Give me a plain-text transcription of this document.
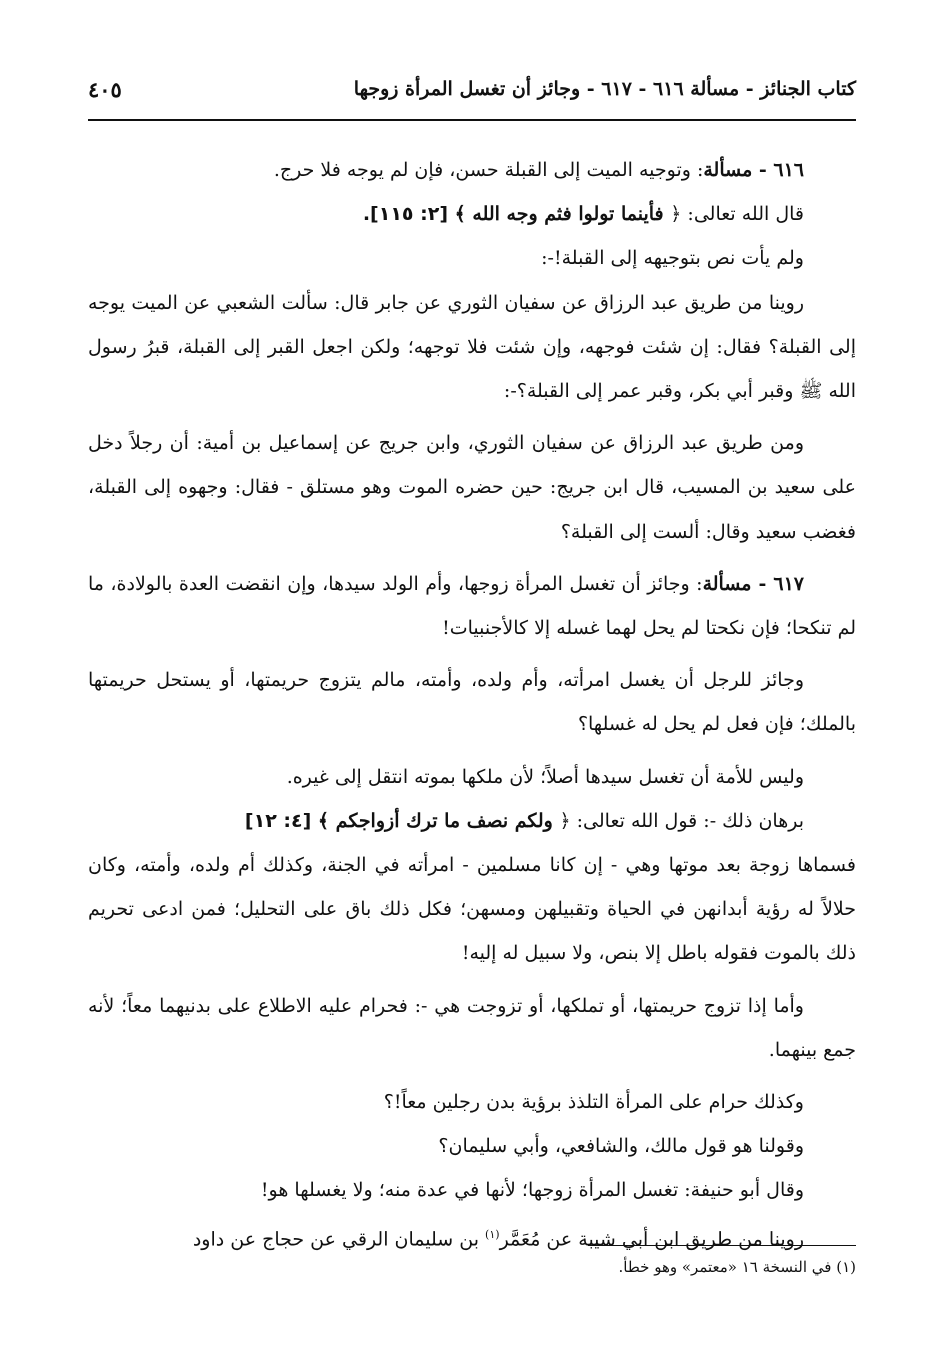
كتاب الجنائز - مسألة ٦١٦ - ٦١٧ - وجائز أن تغسل المرأة زوجها
٤٠٥

٦١٦ - مسألة: وتوجيه الميت إلى القبلة حسن، فإن لم يوجه فلا حرج.

قال الله تعالى: ﴿ فأينما تولوا فثم وجه الله ﴾ [٢: ١١٥].

ولم يأت نص بتوجيهه إلى القبلة!-:

روينا من طريق عبد الرزاق عن سفيان الثوري عن جابر قال: سألت الشعبي عن الميت يوجه إلى القبلة؟ فقال: إن شئت فوجهه، وإن شئت فلا توجهه؛ ولكن اجعل القبر إلى القبلة، قبرُ رسول الله ﷺ وقبر أبي بكر، وقبر عمر إلى القبلة؟-:

ومن طريق عبد الرزاق عن سفيان الثوري، وابن جريج عن إسماعيل بن أمية: أن رجلاً دخل على سعيد بن المسيب، قال ابن جريج: حين حضره الموت وهو مستلق - فقال: وجهوه إلى القبلة، فغضب سعيد وقال: ألست إلى القبلة؟

٦١٧ - مسألة: وجائز أن تغسل المرأة زوجها، وأم الولد سيدها، وإن انقضت العدة بالولادة، ما لم تنكحا؛ فإن نكحتا لم يحل لهما غسله إلا كالأجنبيات!

وجائز للرجل أن يغسل امرأته، وأم ولده، وأمته، مالم يتزوج حريمتها، أو يستحل حريمتها بالملك؛ فإن فعل لم يحل له غسلها؟

وليس للأمة أن تغسل سيدها أصلاً؛ لأن ملكها بموته انتقل إلى غيره.

برهان ذلك -: قول الله تعالى: ﴿ ولكم نصف ما ترك أزواجكم ﴾ [٤: ١٢]

فسماها زوجة بعد موتها وهي - إن كانا مسلمين - امرأته في الجنة، وكذلك أم ولده، وأمته، وكان حلالاً له رؤية أبدانهن في الحياة وتقبيلهن ومسهن؛ فكل ذلك باق على التحليل؛ فمن ادعى تحريم ذلك بالموت فقوله باطل إلا بنص، ولا سبيل له إليه!

وأما إذا تزوج حريمتها، أو تملكها، أو تزوجت هي -: فحرام عليه الاطلاع على بدنيهما معاً؛ لأنه جمع بينهما.

وكذلك حرام على المرأة التلذذ برؤية بدن رجلين معاً!؟

وقولنا هو قول مالك، والشافعي، وأبي سليمان؟

وقال أبو حنيفة: تغسل المرأة زوجها؛ لأنها في عدة منه؛ ولا يغسلها هو!

روينا من طريق ابن أبي شيبة عن مُعَمَّر$^{(١)}$ بن سليمان الرقي عن حجاج عن داود

(١) في النسخة ١٦ «معتمر» وهو خطأ.
